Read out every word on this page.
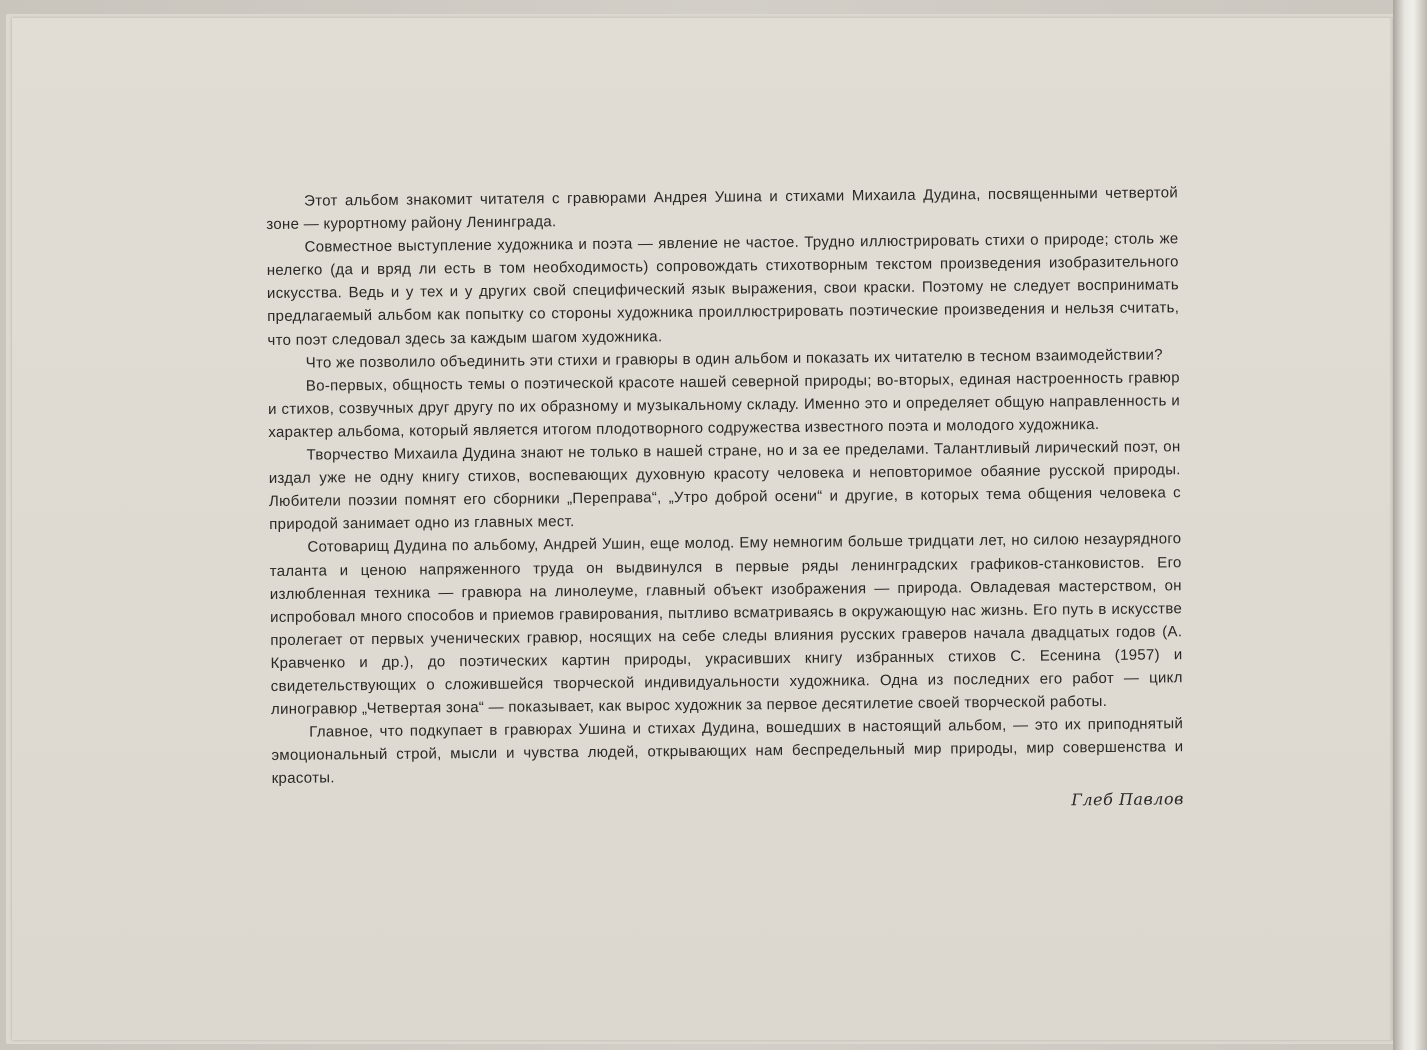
Этот альбом знакомит читателя с гравюрами Андрея Ушина и стихами Михаила Дудина, посвященными четвертой зоне — курортному району Ленинграда.

Совместное выступление художника и поэта — явление не частое. Трудно иллюстрировать стихи о природе; столь же нелегко (да и вряд ли есть в том необходимость) сопровождать стихотворным текстом произведения изобразительного искусства. Ведь и у тех и у других свой специфический язык выражения, свои краски. Поэтому не следует воспринимать предлагаемый альбом как попытку со стороны художника проиллюстрировать поэтические произведения и нельзя считать, что поэт следовал здесь за каждым шагом художника.

Что же позволило объединить эти стихи и гравюры в один альбом и показать их читателю в тесном взаимодействии?

Во-первых, общность темы о поэтической красоте нашей северной природы; во-вторых, единая настроенность гравюр и стихов, созвучных друг другу по их образному и музыкальному складу. Именно это и определяет общую направленность и характер альбома, который является итогом плодотворного содружества известного поэта и молодого художника.

Творчество Михаила Дудина знают не только в нашей стране, но и за ее пределами. Талантливый лирический поэт, он издал уже не одну книгу стихов, воспевающих духовную красоту человека и неповторимое обаяние русской природы. Любители поэзии помнят его сборники „Переправа“, „Утро доброй осени“ и другие, в которых тема общения человека с природой занимает одно из главных мест.

Сотоварищ Дудина по альбому, Андрей Ушин, еще молод. Ему немногим больше тридцати лет, но силою незаурядного таланта и ценою напряженного труда он выдвинулся в первые ряды ленинградских графиков-станковистов. Его излюбленная техника — гравюра на линолеуме, главный объект изображения — природа. Овладевая мастерством, он испробовал много способов и приемов гравирования, пытливо всматриваясь в окружающую нас жизнь. Его путь в искусстве пролегает от первых ученических гравюр, носящих на себе следы влияния русских граверов начала двадцатых годов (А. Кравченко и др.), до поэтических картин природы, украсивших книгу избранных стихов С. Есенина (1957) и свидетельствующих о сложившейся творческой индивидуальности художника. Одна из последних его работ — цикл линогравюр „Четвертая зона“ — показывает, как вырос художник за первое десятилетие своей творческой работы.

Главное, что подкупает в гравюрах Ушина и стихах Дудина, вошедших в настоящий альбом, — это их приподнятый эмоциональный строй, мысли и чувства людей, открывающих нам беспредельный мир природы, мир совершенства и красоты.

Глеб Павлов
